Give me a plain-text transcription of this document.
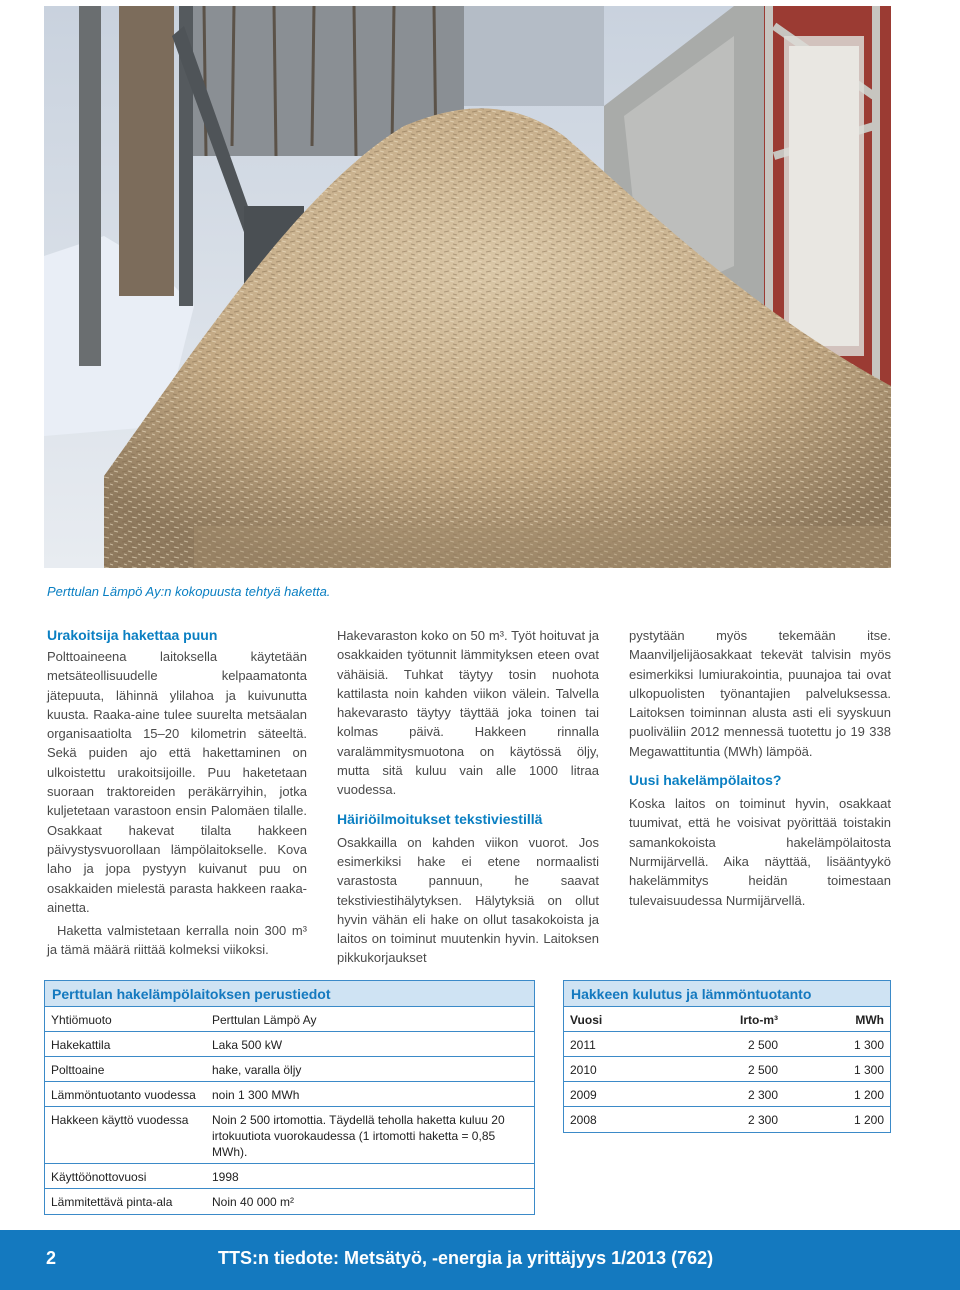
Perttulan Lämpö Ay:n kokopuusta tehtyä haketta.
Urakoitsija hakettaa puun

Polttoaineena laitoksella käytetään metsäteollisuudelle kelpaamatonta jätepuuta, lähinnä ylilahoa ja kuivunutta kuusta. Raaka-aine tulee suurelta metsäalan organisaatiolta 15–20 kilometrin säteeltä. Sekä puiden ajo että hakettaminen on ulkoistettu urakoitsijoille. Puu haketetaan suoraan traktoreiden peräkärryihin, jotka kuljetetaan varastoon ensin Palomäen tilalle. Osakkaat hakevat tilalta hakkeen päivystysvuorollaan lämpölaitokselle. Kova laho ja jopa pystyyn kuivanut puu on osakkaiden mielestä parasta hakkeen raaka-ainetta.

Haketta valmistetaan kerralla noin 300 m³ ja tämä määrä riittää kolmeksi viikoksi.

Hakevaraston koko on 50 m³. Työt hoituvat ja osakkaiden työtunnit lämmityksen eteen ovat vähäisiä. Tuhkat täytyy tosin nuohota kattilasta noin kahden viikon välein. Talvella hakevarasto täytyy täyttää joka toinen tai kolmas päivä. Hakkeen rinnalla varalämmitysmuotona on käytössä öljy, mutta sitä kuluu vain alle 1000 litraa vuodessa.

Häiriöilmoitukset tekstiviestillä

Osakkailla on kahden viikon vuorot. Jos esimerkiksi hake ei etene normaalisti varastosta pannuun, he saavat tekstiviestihälytyksen. Hälytyksiä on ollut hyvin vähän eli hake on ollut tasakokoista ja laitos on toiminut muutenkin hyvin. Laitoksen pikkukorjaukset

pystytään myös tekemään itse. Maanviljelijäosakkaat tekevät talvisin myös esimerkiksi lumiurakointia, puunajoa tai ovat ulkopuolisten työnantajien palveluksessa. Laitoksen toiminnan alusta asti eli syyskuun puoliväliin 2012 mennessä tuotettu jo 19 338 Megawattituntia (MWh) lämpöä.

Uusi hakelämpölaitos?

Koska laitos on toiminut hyvin, osakkaat tuumivat, että he voisivat pyörittää toistakin samankokoista hakelämpölaitosta Nurmijärvellä. Aika näyttää, lisääntyykö hakelämmitys heidän toimestaan tulevaisuudessa Nurmijärvellä.

Perttulan hakelämpölaitoksen perustiedot
Yhtiömuoto	Perttulan Lämpö Ay
Hakekattila	Laka 500 kW
Polttoaine	hake, varalla öljy
Lämmöntuotanto vuodessa	noin 1 300 MWh
Hakkeen käyttö vuodessa	Noin 2 500 irtomottia. Täydellä teholla haketta kuluu 20 irtokuutiota vuorokaudessa (1 irtomotti haketta = 0,85 MWh).
Käyttöönottovuosi	1998
Lämmitettävä pinta-ala	Noin 40 000 m²
Hakkeen kulutus ja lämmöntuotanto
Vuosi	Irto-m³	MWh
2011	2 500	1 300
2010	2 500	1 300
2009	2 300	1 200
2008	2 300	1 200
2	TTS:n tiedote: Metsätyö, -energia ja yrittäjyys 1/2013 (762)
